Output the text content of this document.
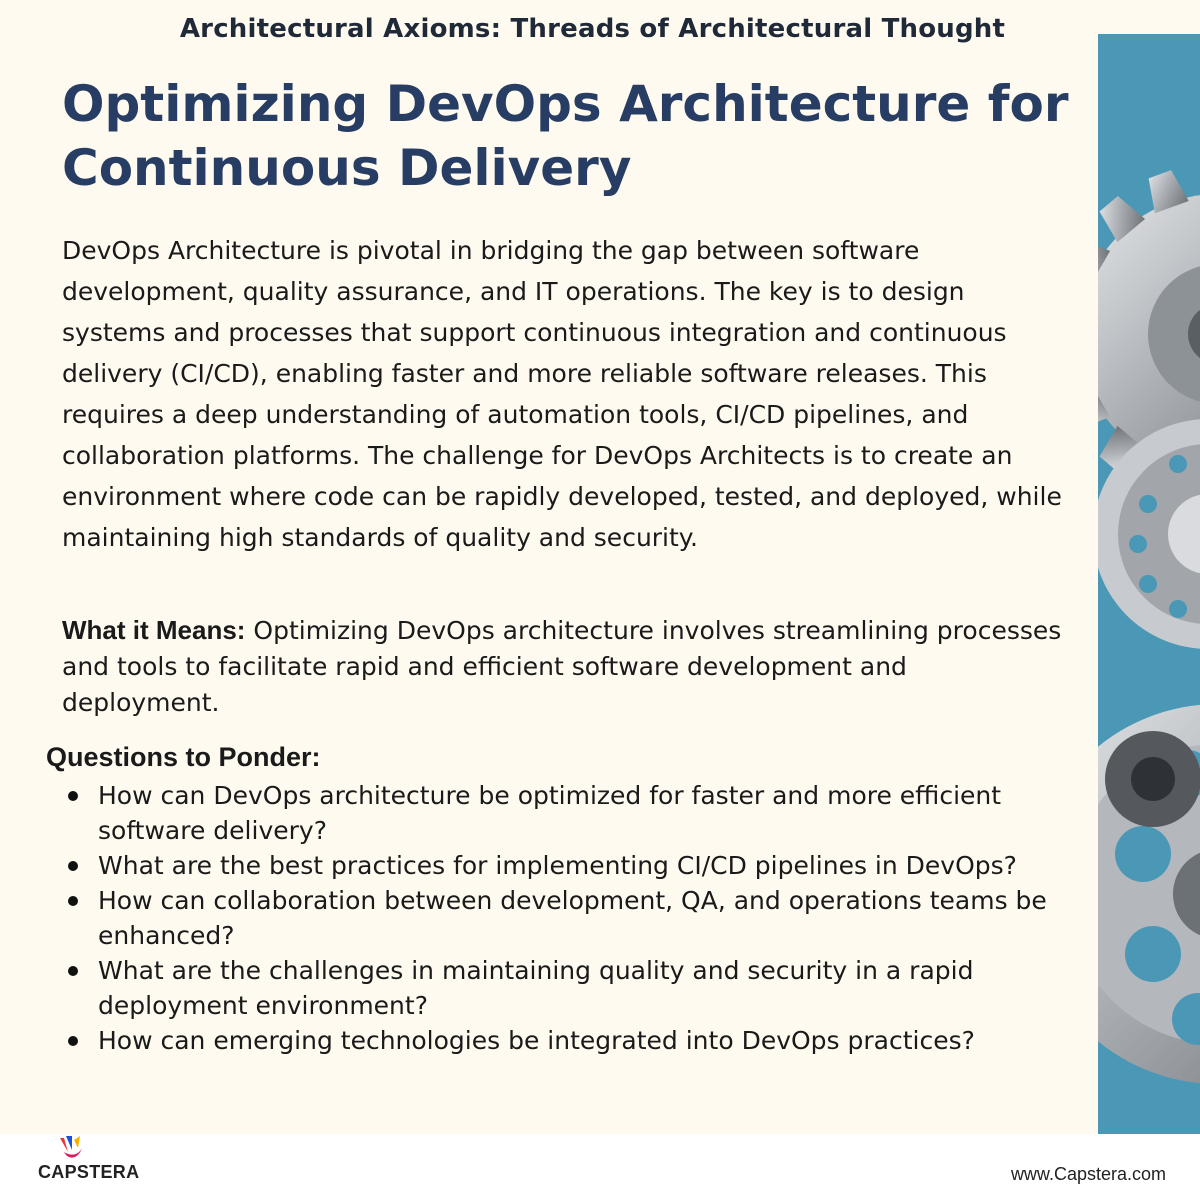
Architectural Axioms: Threads of Architectural Thought
Optimizing DevOps Architecture for
Continuous Delivery

DevOps Architecture is pivotal in bridging the gap between software development, quality assurance, and IT operations. The key is to design systems and processes that support continuous integration and continuous delivery (CI/CD), enabling faster and more reliable software releases. This requires a deep understanding of automation tools, CI/CD pipelines, and collaboration platforms. The challenge for DevOps Architects is to create an environment where code can be rapidly developed, tested, and deployed, while maintaining high standards of quality and security.

What it Means: Optimizing DevOps architecture involves streamlining processes and tools to facilitate rapid and efficient software development and deployment.

Questions to Ponder:
How can DevOps architecture be optimized for faster and more efficient software delivery?
What are the best practices for implementing CI/CD pipelines in DevOps?
How can collaboration between development, QA, and operations teams be enhanced?
What are the challenges in maintaining quality and security in a rapid deployment environment?
How can emerging technologies be integrated into DevOps practices?
CAPSTERA	www.Capstera.com
